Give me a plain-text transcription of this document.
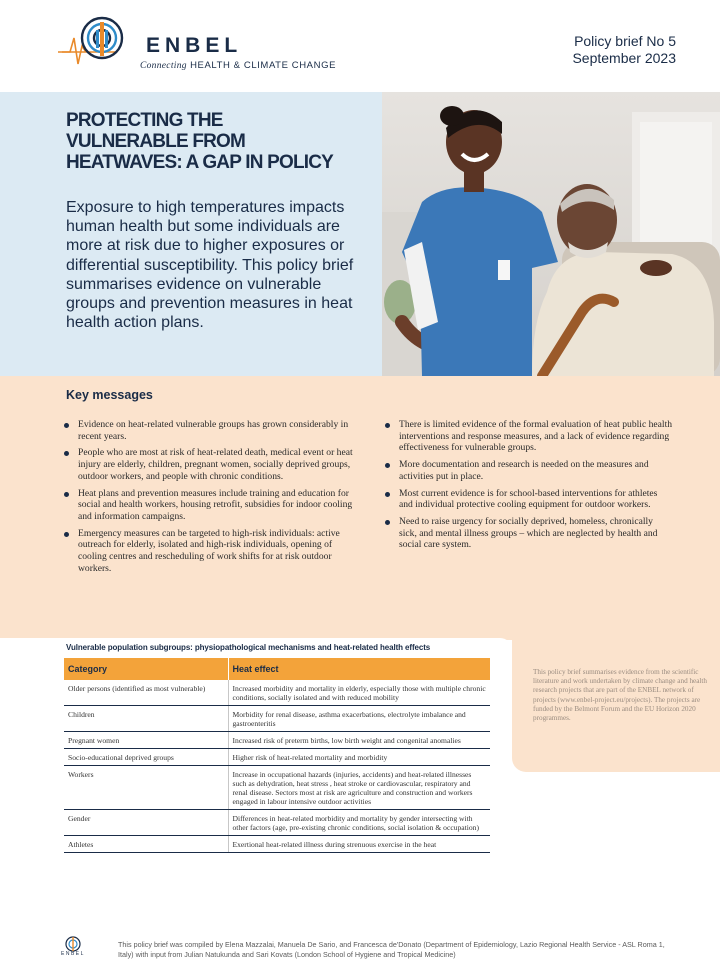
ENBEL
Connecting HEALTH & CLIMATE CHANGE
Policy brief No 5
September 2023
PROTECTING THE
VULNERABLE FROM
HEATWAVES: A GAP IN POLICY
Exposure to high temperatures impacts human health but some individuals are more at risk due to higher exposures or differential susceptibility. This policy brief summarises evidence on vulnerable groups and prevention measures in heat health action plans.
Key messages
Evidence on heat-related vulnerable groups has grown considerably in recent years.
People who are most at risk of heat-related death, medical event or heat injury are elderly, children, pregnant women, socially deprived groups, outdoor workers, and people with chronic conditions.
Heat plans and prevention measures include training and education for social and health workers, housing retrofit, subsidies for indoor cooling and information campaigns.
Emergency measures can be targeted to high-risk individuals: active outreach for elderly, isolated and high-risk individuals, opening of cooling centres and rescheduling of work shifts for at risk outdoor workers.
There is limited evidence of the formal evaluation of heat public health interventions and response measures, and a lack of evidence regarding effectiveness for vulnerable groups.
More documentation and research is needed on the measures and activities put in place.
Most current evidence is for school-based interventions for athletes and individual protective cooling equipment for outdoor workers.
Need to raise urgency for socially deprived, homeless, chronically sick, and mental illness groups – which are neglected by health and social care system.
This policy brief summarises evidence from the scientific literature and work undertaken by climate change and health research projects that are part of the ENBEL network of projects (www.enbel-project.eu/projects). The projects are funded by the Belmont Forum and the EU Horizon 2020 programmes.
Vulnerable population subgroups: physiopathological mechanisms and heat-related health effects
Category	Heat effect
Older persons (identified as most vulnerable)	Increased morbidity and mortality in elderly, especially those with multiple chronic conditions, socially isolated and with reduced mobility
Children	Morbidity for renal disease, asthma exacerbations, electrolyte imbalance and gastroenteritis
Pregnant women	Increased risk of preterm births, low birth weight and congenital anomalies
Socio-educational deprived groups	Higher risk of heat-related mortality and morbidity
Workers	Increase in occupational hazards (injuries, accidents) and heat-related illnesses such as dehydration, heat stress , heat stroke or cardiovascular, respiratory and renal disease. Sectors most at risk are agriculture and construction and workers engaged in labour intensive outdoor activities
Gender	Differences in heat-related morbidity and mortality by gender intersecting with other factors (age, pre-existing chronic conditions, social isolation & occupation)
Athletes	Exertional heat-related illness during strenuous exercise in the heat
ENBEL
This policy brief was compiled by Elena Mazzalai, Manuela De Sario, and Francesca de'Donato (Department of Epidemiology, Lazio Regional Health Service - ASL Roma 1, Italy) with input from Julian Natukunda and Sari Kovats (London School of Hygiene and Tropical Medicine)
